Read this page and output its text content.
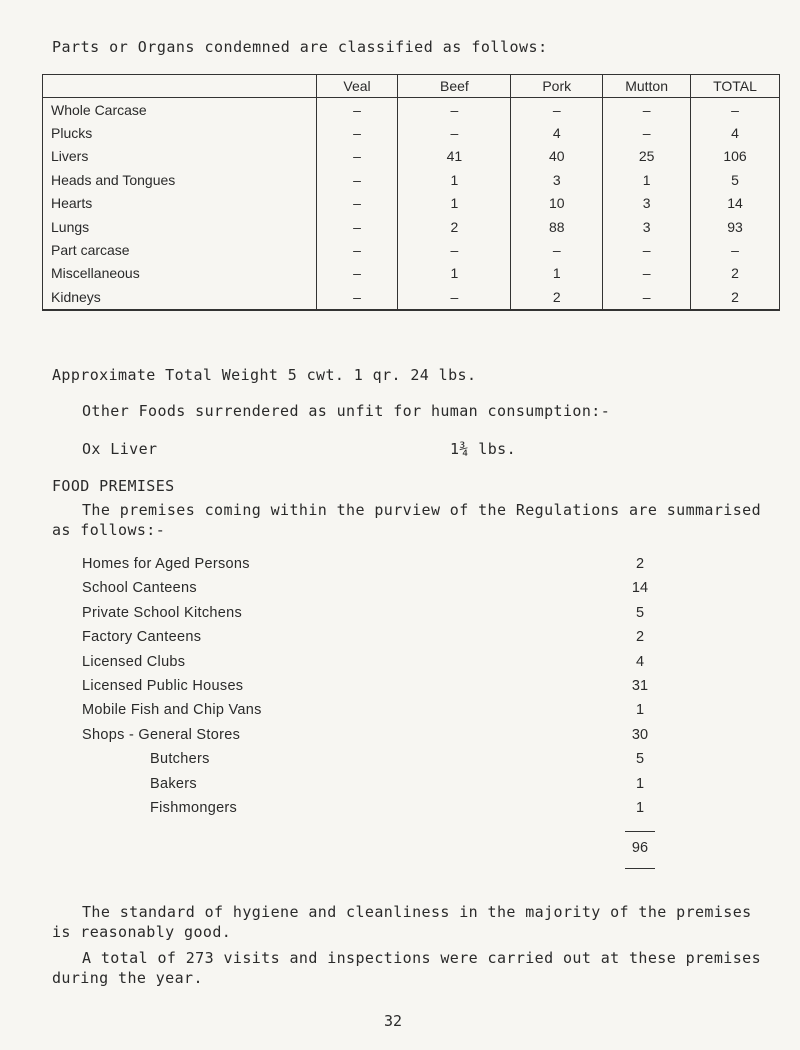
Parts or Organs condemned are classified as follows:
	Veal	Beef	Pork	Mutton	TOTAL
Whole Carcase	–	–	–	–	–
Plucks	–	–	4	–	4
Livers	–	41	40	25	106
Heads and Tongues	–	1	3	1	5
Hearts	–	1	10	3	14
Lungs	–	2	88	3	93
Part carcase	–	–	–	–	–
Miscellaneous	–	1	1	–	2
Kidneys	–	–	2	–	2
Approximate Total Weight 5 cwt. 1 qr. 24 lbs.
Other Foods surrendered as unfit for human consumption:-
Ox Liver	1¾ lbs.
FOOD PREMISES
The premises coming within the purview of the Regulations are summarised as follows:-
Homes for Aged Persons	2
School Canteens	14
Private School Kitchens	5
Factory Canteens	2
Licensed Clubs	4
Licensed Public Houses	31
Mobile Fish and Chip Vans	1
Shops - General Stores	30
Butchers	5
Bakers	1
Fishmongers	1
96
The standard of hygiene and cleanliness in the majority of the premises is reasonably good.
A total of 273 visits and inspections were carried out at these premises during the year.
32
